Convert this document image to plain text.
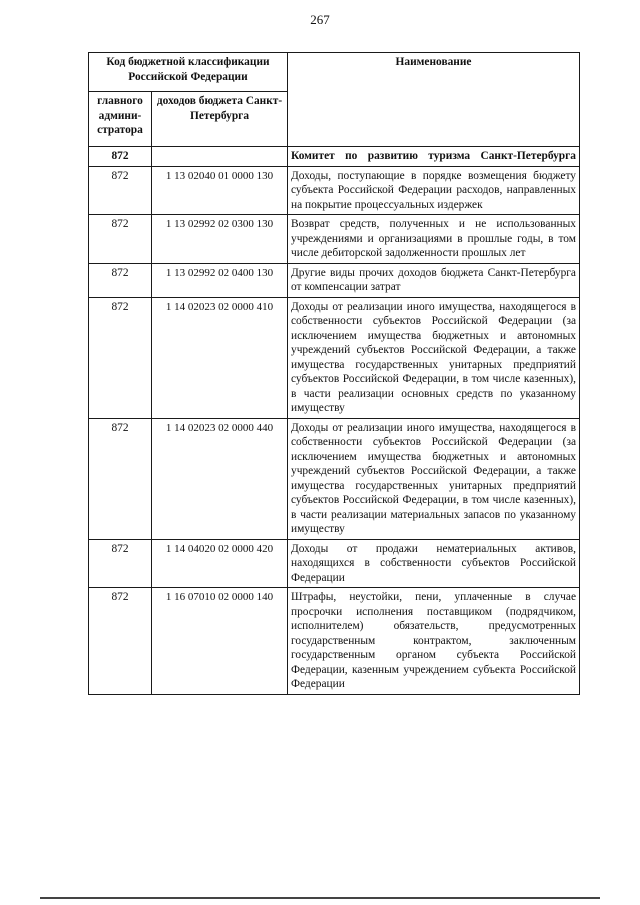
267
Код бюджетной классификации Российской Федерации		Наименование
главного админи-стратора	доходов бюджета Санкт-Петербурга	
872		Комитет по развитию туризма Санкт-Петербурга
872	1 13 02040 01 0000 130	Доходы, поступающие в порядке возмещения бюджету субъекта Российской Федерации расходов, направленных на покрытие процессуальных издержек
872	1 13 02992 02 0300 130	Возврат средств, полученных и не использованных учреждениями и организациями в прошлые годы, в том числе дебиторской задолженности прошлых лет
872	1 13 02992 02 0400 130	Другие виды прочих доходов бюджета Санкт-Петербурга от компенсации затрат
872	1 14 02023 02 0000 410	Доходы от реализации иного имущества, находящегося в собственности субъектов Российской Федерации (за исключением имущества бюджетных и автономных учреждений субъектов Российской Федерации, а также имущества государственных унитарных предприятий субъектов Российской Федерации, в том числе казенных), в части реализации основных средств по указанному имуществу
872	1 14 02023 02 0000 440	Доходы от реализации иного имущества, находящегося в собственности субъектов Российской Федерации (за исключением имущества бюджетных и автономных учреждений субъектов Российской Федерации, а также имущества государственных унитарных предприятий субъектов Российской Федерации, в том числе казенных), в части реализации материальных запасов по указанному имуществу
872	1 14 04020 02 0000 420	Доходы от продажи нематериальных активов, находящихся в собственности субъектов Российской Федерации
872	1 16 07010 02 0000 140	Штрафы, неустойки, пени, уплаченные в случае просрочки исполнения поставщиком (подрядчиком, исполнителем) обязательств, предусмотренных государственным контрактом, заключенным государственным органом субъекта Российской Федерации, казенным учреждением субъекта Российской Федерации
